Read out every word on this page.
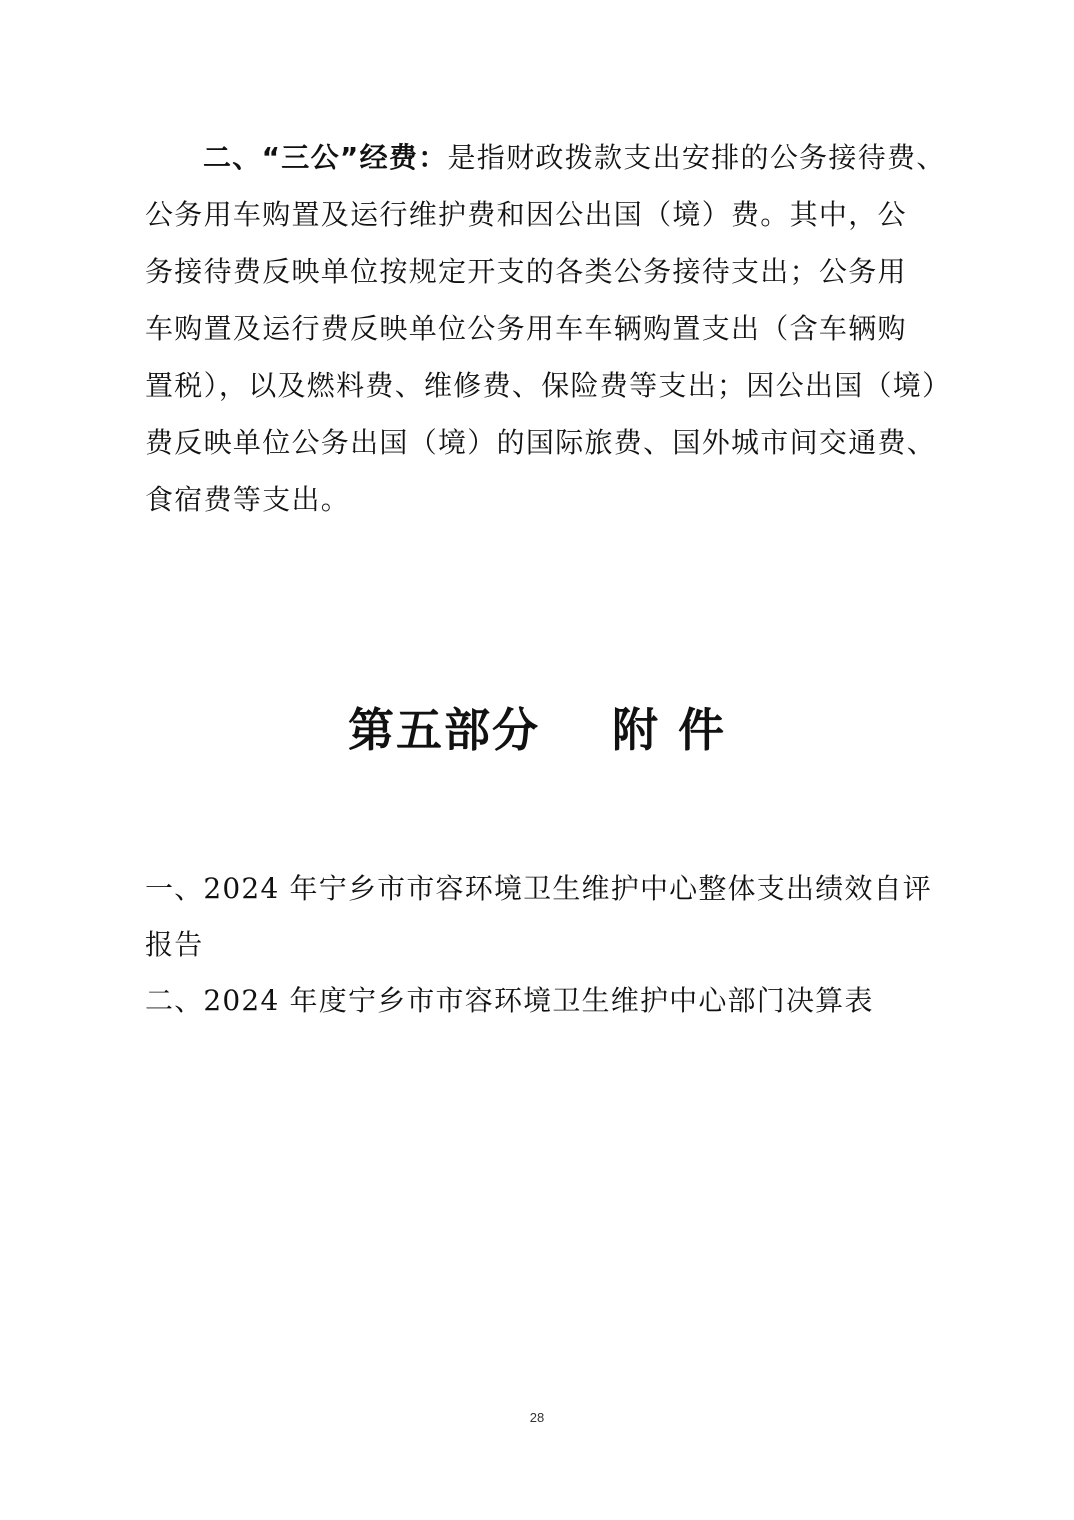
二、“三公”经费：是指财政拨款支出安排的公务接待费、
公务用车购置及运行维护费和因公出国（境）费。其中，公
务接待费反映单位按规定开支的各类公务接待支出；公务用
车购置及运行费反映单位公务用车车辆购置支出（含车辆购
置税），以及燃料费、维修费、保险费等支出；因公出国（境）
费反映单位公务出国（境）的国际旅费、国外城市间交通费、
食宿费等支出。
第五部分    附 件
一、2024 年宁乡市市容环境卫生维护中心整体支出绩效自评
报告
二、2024 年度宁乡市市容环境卫生维护中心部门决算表
28
